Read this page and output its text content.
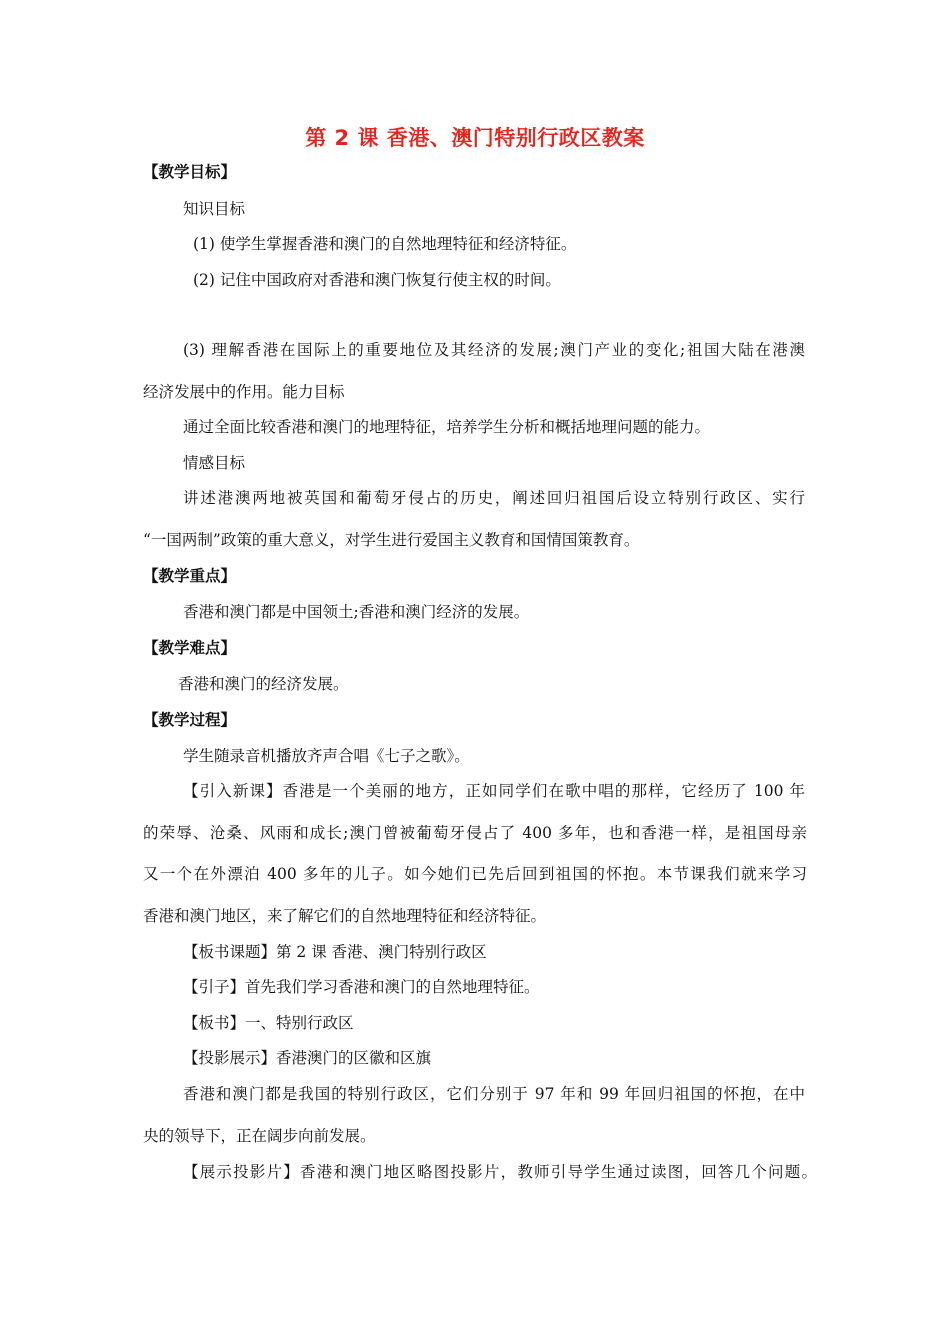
第 2 课 香港、澳门特别行政区教案
【教学目标】
知识目标
(1) 使学生掌握香港和澳门的自然地理特征和经济特征。
(2) 记住中国政府对香港和澳门恢复行使主权的时间。
(3) 理解香港在国际上的重要地位及其经济的发展;澳门产业的变化;祖国大陆在港澳
经济发展中的作用。能力目标
通过全面比较香港和澳门的地理特征，培养学生分析和概括地理问题的能力。
情感目标
讲述港澳两地被英国和葡萄牙侵占的历史，阐述回归祖国后设立特别行政区、实行
“一国两制”政策的重大意义，对学生进行爱国主义教育和国情国策教育。
【教学重点】
香港和澳门都是中国领土;香港和澳门经济的发展。
【教学难点】
香港和澳门的经济发展。
【教学过程】
学生随录音机播放齐声合唱《七子之歌》。
【引入新课】香港是一个美丽的地方，正如同学们在歌中唱的那样，它经历了 100 年
的荣辱、沧桑、风雨和成长;澳门曾被葡萄牙侵占了 400 多年，也和香港一样，是祖国母亲
又一个在外漂泊 400 多年的儿子。如今她们已先后回到祖国的怀抱。本节课我们就来学习
香港和澳门地区，来了解它们的自然地理特征和经济特征。
【板书课题】第 2 课 香港、澳门特别行政区
【引子】首先我们学习香港和澳门的自然地理特征。
【板书】一、特别行政区
【投影展示】香港澳门的区徽和区旗
香港和澳门都是我国的特别行政区，它们分别于 97 年和 99 年回归祖国的怀抱，在中
央的领导下，正在阔步向前发展。
【展示投影片】香港和澳门地区略图投影片，教师引导学生通过读图，回答几个问题。
